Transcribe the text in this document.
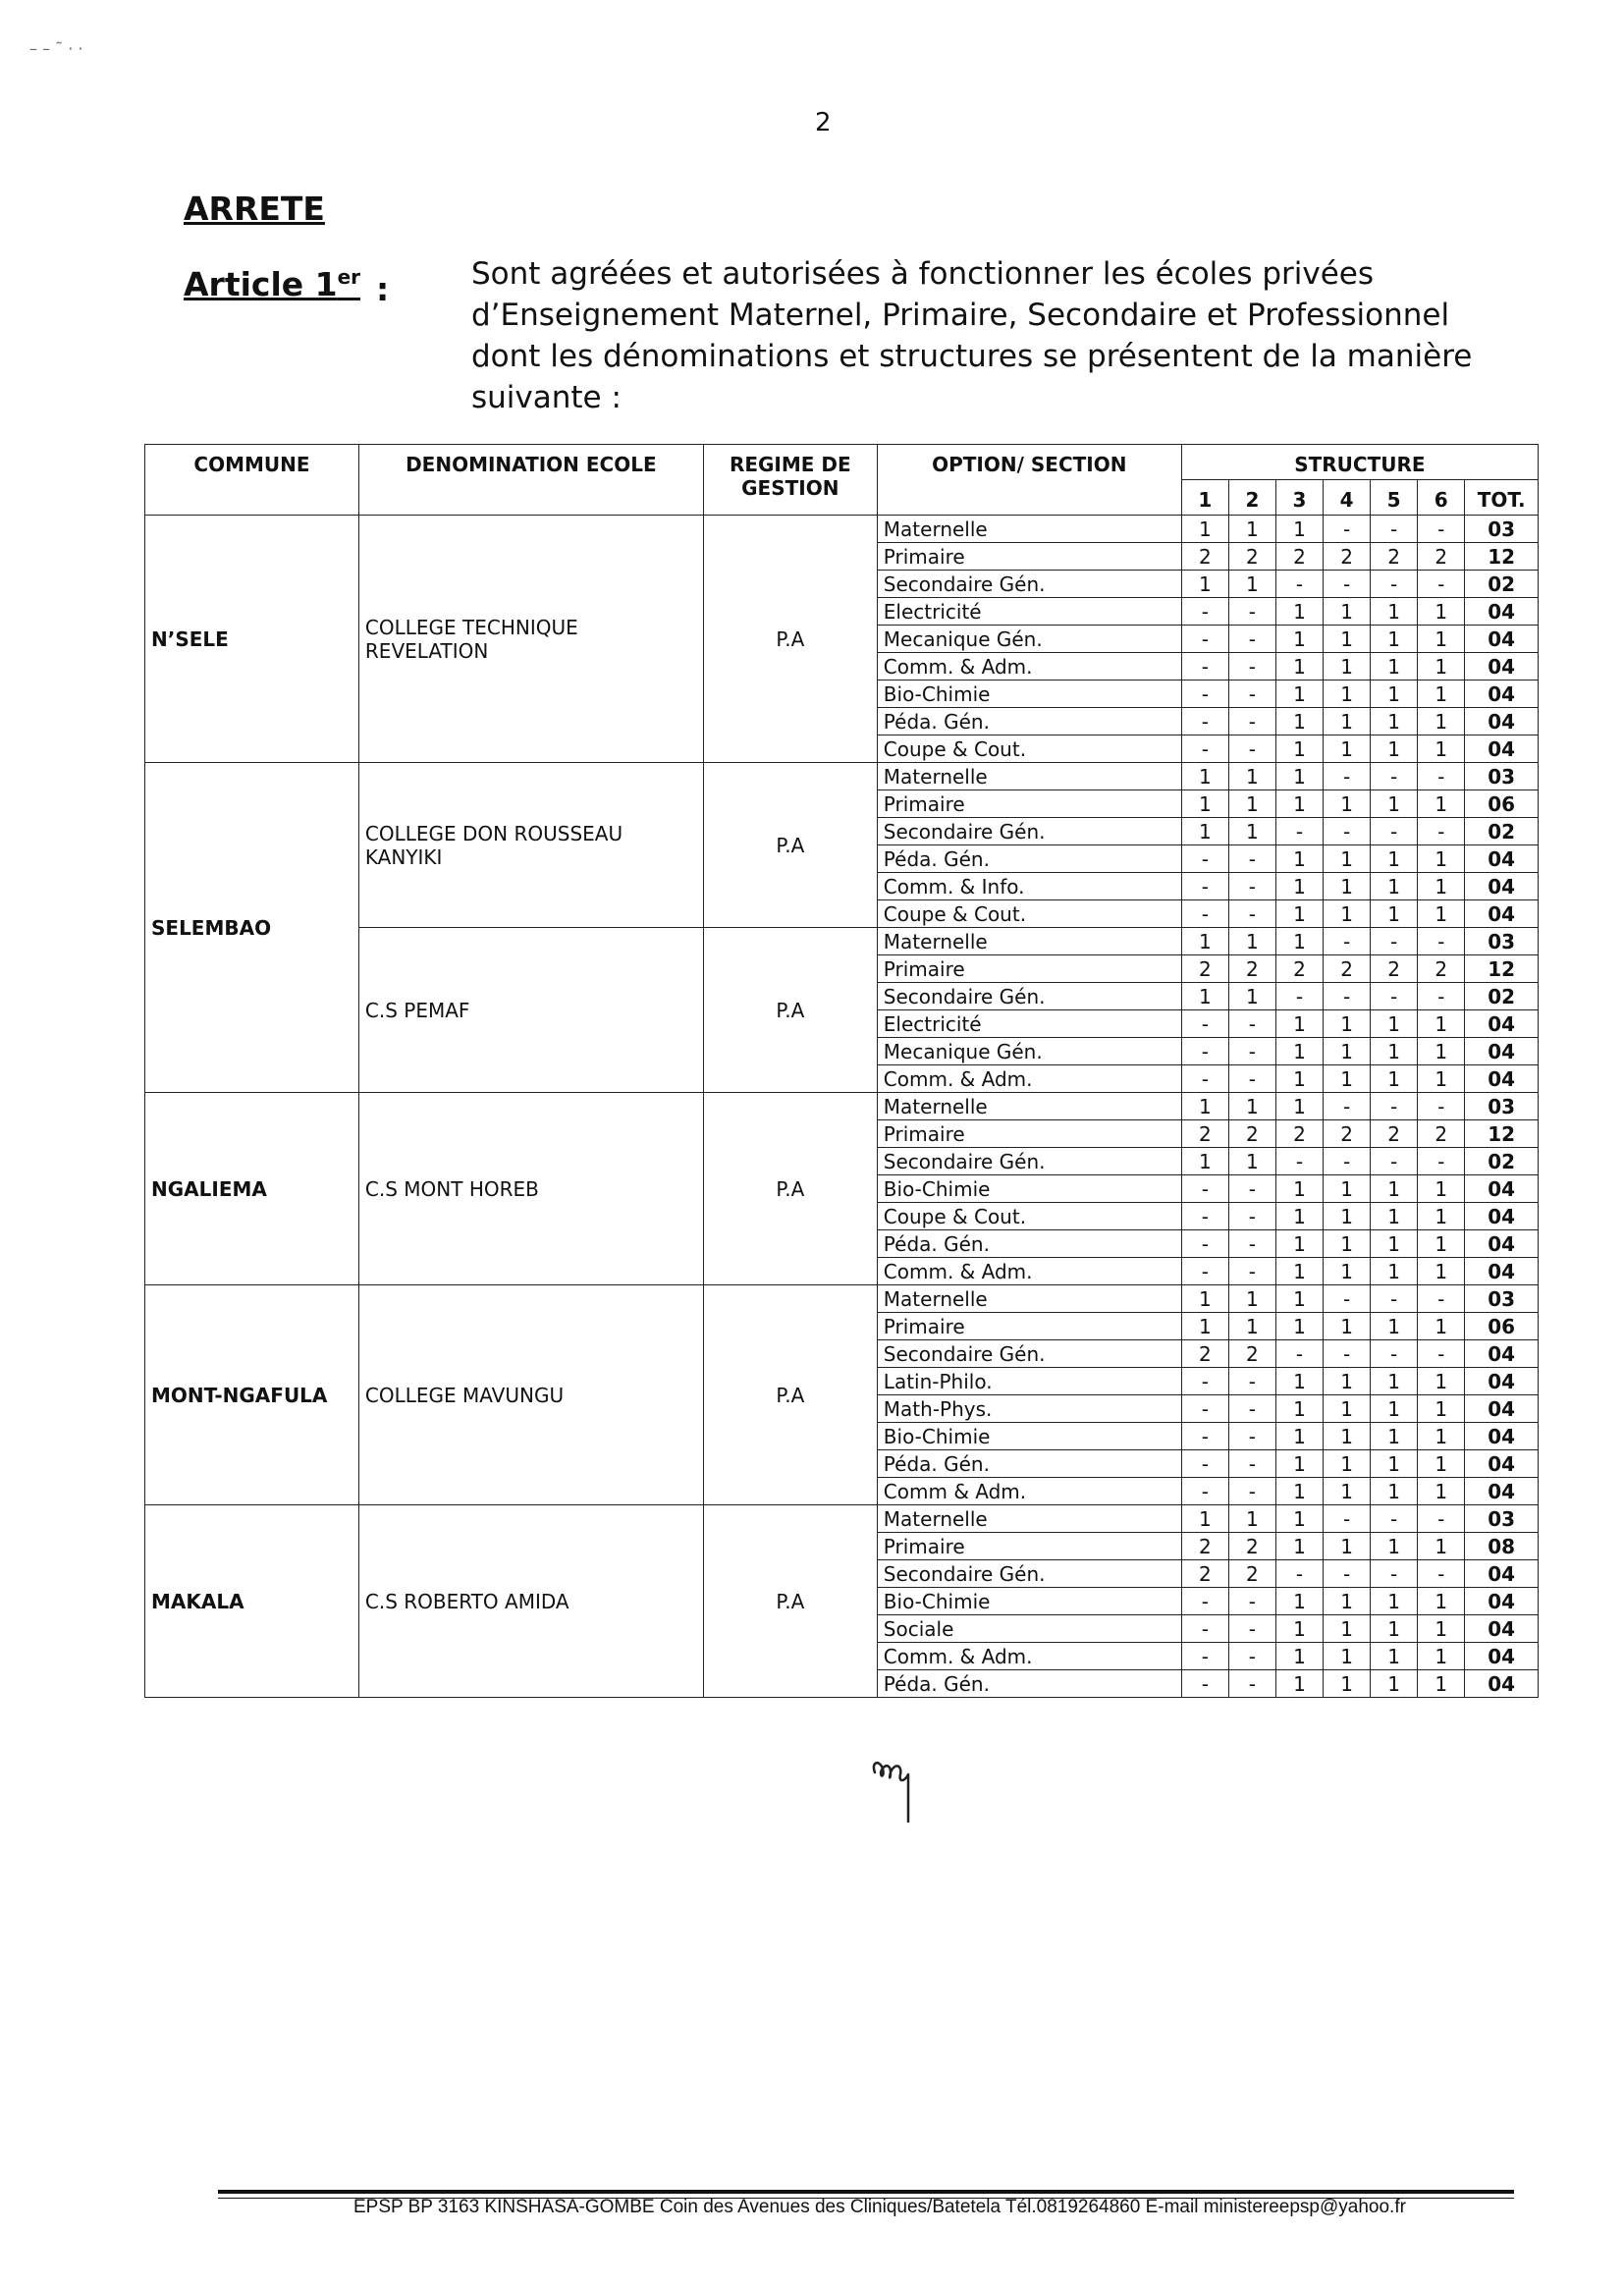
– – ˜ · ·
2
ARRETE
Article 1er :	Sont agréées et autorisées à fonctionner les écoles privées
d’Enseignement Maternel, Primaire, Secondaire et Professionnel
dont les dénominations et structures se présentent de la manière
suivante :
COMMUNE	DENOMINATION ECOLE	REGIME DE GESTION	OPTION/ SECTION	STRUCTURE						
				1	2	3	4	5	6	TOT.
N’SELE	COLLEGE TECHNIQUE REVELATION	P.A	Maternelle	1	1	1	-	-	-	03
			Primaire	2	2	2	2	2	2	12
			Secondaire Gén.	1	1	-	-	-	-	02
			Electricité	-	-	1	1	1	1	04
			Mecanique Gén.	-	-	1	1	1	1	04
			Comm. & Adm.	-	-	1	1	1	1	04
			Bio-Chimie	-	-	1	1	1	1	04
			Péda. Gén.	-	-	1	1	1	1	04
			Coupe & Cout.	-	-	1	1	1	1	04
SELEMBAO	COLLEGE DON ROUSSEAU KANYIKI	P.A	Maternelle	1	1	1	-	-	-	03
			Primaire	1	1	1	1	1	1	06
			Secondaire Gén.	1	1	-	-	-	-	02
			Péda. Gén.	-	-	1	1	1	1	04
			Comm. & Info.	-	-	1	1	1	1	04
			Coupe & Cout.	-	-	1	1	1	1	04
	C.S PEMAF	P.A	Maternelle	1	1	1	-	-	-	03
			Primaire	2	2	2	2	2	2	12
			Secondaire Gén.	1	1	-	-	-	-	02
			Electricité	-	-	1	1	1	1	04
			Mecanique Gén.	-	-	1	1	1	1	04
			Comm. & Adm.	-	-	1	1	1	1	04
NGALIEMA	C.S MONT HOREB	P.A	Maternelle	1	1	1	-	-	-	03
			Primaire	2	2	2	2	2	2	12
			Secondaire Gén.	1	1	-	-	-	-	02
			Bio-Chimie	-	-	1	1	1	1	04
			Coupe & Cout.	-	-	1	1	1	1	04
			Péda. Gén.	-	-	1	1	1	1	04
			Comm. & Adm.	-	-	1	1	1	1	04
MONT-NGAFULA	COLLEGE MAVUNGU	P.A	Maternelle	1	1	1	-	-	-	03
			Primaire	1	1	1	1	1	1	06
			Secondaire Gén.	2	2	-	-	-	-	04
			Latin-Philo.	-	-	1	1	1	1	04
			Math-Phys.	-	-	1	1	1	1	04
			Bio-Chimie	-	-	1	1	1	1	04
			Péda. Gén.	-	-	1	1	1	1	04
			Comm & Adm.	-	-	1	1	1	1	04
MAKALA	C.S ROBERTO AMIDA	P.A	Maternelle	1	1	1	-	-	-	03
			Primaire	2	2	1	1	1	1	08
			Secondaire Gén.	2	2	-	-	-	-	04
			Bio-Chimie	-	-	1	1	1	1	04
			Sociale	-	-	1	1	1	1	04
			Comm. & Adm.	-	-	1	1	1	1	04
			Péda. Gén.	-	-	1	1	1	1	04
EPSP BP 3163 KINSHASA-GOMBE Coin des Avenues des Cliniques/Batetela Tél.0819264860 E-mail ministereepsp@yahoo.fr
